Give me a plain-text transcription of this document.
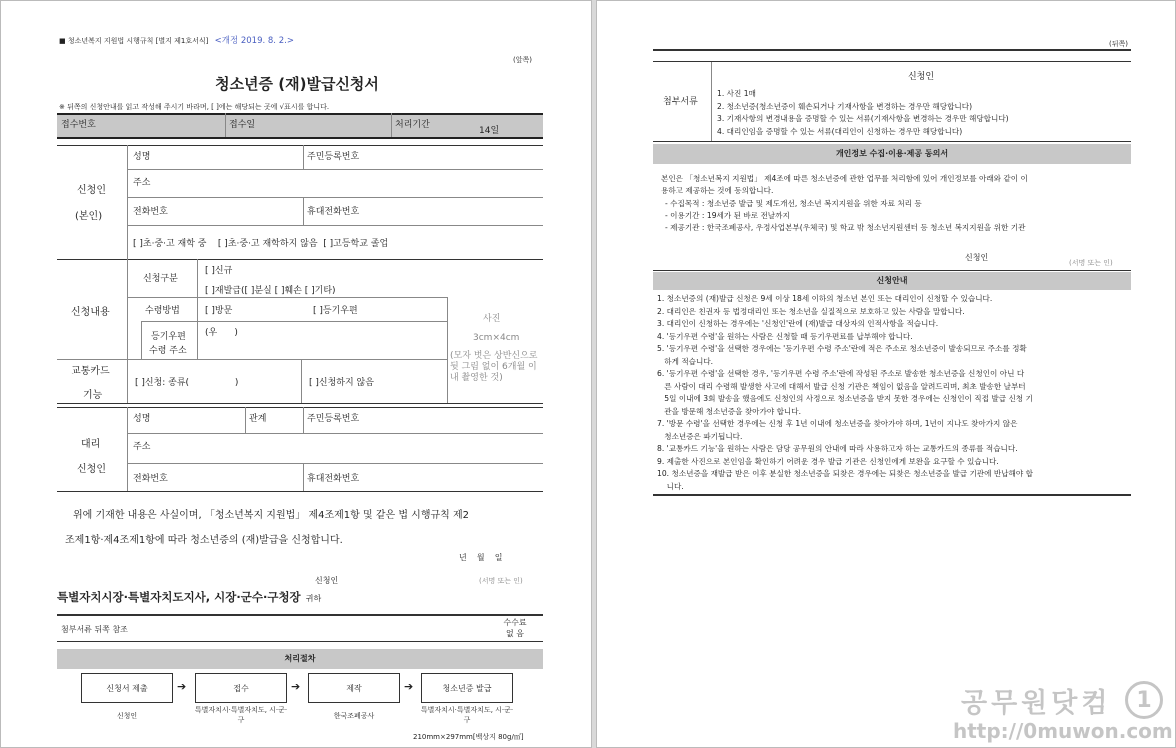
■ 청소년복지 지원법 시행규칙 [별지 제1호서식] <개정 2019. 8. 2.>
(앞쪽)
청소년증 (재)발급신청서
※ 뒤쪽의 신청안내를 읽고 작성해 주시기 바라며, [ ]에는 해당되는 곳에 √표시를 합니다.
접수번호	접수일	처리기간
14일
신청인
(본인)
성명	주민등록번호
주소
전화번호	휴대전화번호
[ ]초·중·고 재학 중    [ ]초·중·고 재학하지 않음  [ ]고등학교 졸업
신청내용
신청구분
[ ]신규
[ ]재발급([ ]분실 [ ]훼손 [ ]기타)
수령방법	[ ]방문	[ ]등기우편
등기우편
수령 주소
(우      )
사진
3cm×4cm
(모자 벗은 상반신으로 뒷 그림 없이 6개월 이내 촬영한 것)
교통카드
기능
[ ]신청: 종류(                )	[ ]신청하지 않음
대리
신청인
성명	관계	주민등록번호
주소
전화번호	휴대전화번호
위에 기재한 내용은 사실이며, 「청소년복지 지원법」 제4조제1항 및 같은 법 시행규칙 제2
조제1항·제4조제1항에 따라 청소년증의 (재)발급을 신청합니다.
년    월    일
신청인	(서명 또는 인)
특별자치시장·특별자치도지사, 시장·군수·구청장 귀하
첨부서류 뒤쪽 참조
수수료
없 음
처리절차
신청서 제출	➔	접수	➔	제작	➔	청소년증 발급
신청인
특별자치시·특별자치도, 시·군·구	한국조폐공사
특별자치시·특별자치도, 시·군·구
210mm×297mm[백상지 80g/㎡]
(뒤쪽)
첨부서류
신청인
1. 사진 1매
2. 청소년증(청소년증이 훼손되거나 기재사항을 변경하는 경우만 해당합니다)
3. 기재사항의 변경내용을 증명할 수 있는 서류(기재사항을 변경하는 경우만 해당합니다)
4. 대리인임을 증명할 수 있는 서류(대리인이 신청하는 경우만 해당합니다)
개인정보 수집·이용·제공 동의서
본인은 「청소년복지 지원법」 제4조에 따른 청소년증에 관한 업무를 처리함에 있어 개인정보를 아래와 같이 이
용하고 제공하는 것에 동의합니다.
- 수집목적 : 청소년증 발급 및 제도개선, 청소년 복지지원을 위한 자료 처리 등
- 이용기간 : 19세가 된 바로 전날까지
- 제공기관 : 한국조폐공사, 우정사업본부(우체국) 및 학교 밖 청소년지원센터 등 청소년 복지지원을 위한 기관
신청인
(서명 또는 인)
신청안내
1. 청소년증의 (재)발급 신청은 9세 이상 18세 이하의 청소년 본인 또는 대리인이 신청할 수 있습니다.
2. 대리인은 친권자 등 법정대리인 또는 청소년을 실질적으로 보호하고 있는 사람을 말합니다.
3. 대리인이 신청하는 경우에는 '신청인'란에 (재)발급 대상자의 인적사항을 적습니다.
4. '등기우편 수령'을 원하는 사람은 신청할 때 등기우편료를 납부해야 합니다.
5. '등기우편 수령'을 선택한 경우에는 '등기우편 수령 주소'란에 적은 주소로 청소년증이 발송되므로 주소를 정확
하게 적습니다.
6. '등기우편 수령'을 선택한 경우, '등기우편 수령 주소'란에 작성된 주소로 발송한 청소년증을 신청인이 아닌 다
른 사람이 대리 수령해 발생한 사고에 대해서 발급 신청 기관은 책임이 없음을 알려드리며, 최초 발송한 날부터
5일 이내에 3회 발송을 했음에도 신청인의 사정으로 청소년증을 받지 못한 경우에는 신청인이 직접 발급 신청 기
관을 방문해 청소년증을 찾아가야 합니다.
7. '방문 수령'을 선택한 경우에는 신청 후 1년 이내에 청소년증을 찾아가야 하며, 1년이 지나도 찾아가지 않은
청소년증은 파기됩니다.
8. '교통카드 기능'을 원하는 사람은 담당 공무원의 안내에 따라 사용하고자 하는 교통카드의 종류를 적습니다.
9. 제출한 사진으로 본인임을 확인하기 어려운 경우 발급 기관은 신청인에게 보완을 요구할 수 있습니다.
10. 청소년증을 재발급 받은 이후 분실한 청소년증을 되찾은 경우에는 되찾은 청소년증을 발급 기관에 반납해야 합
니다.
공무원닷컴	1
http://0muwon.com
